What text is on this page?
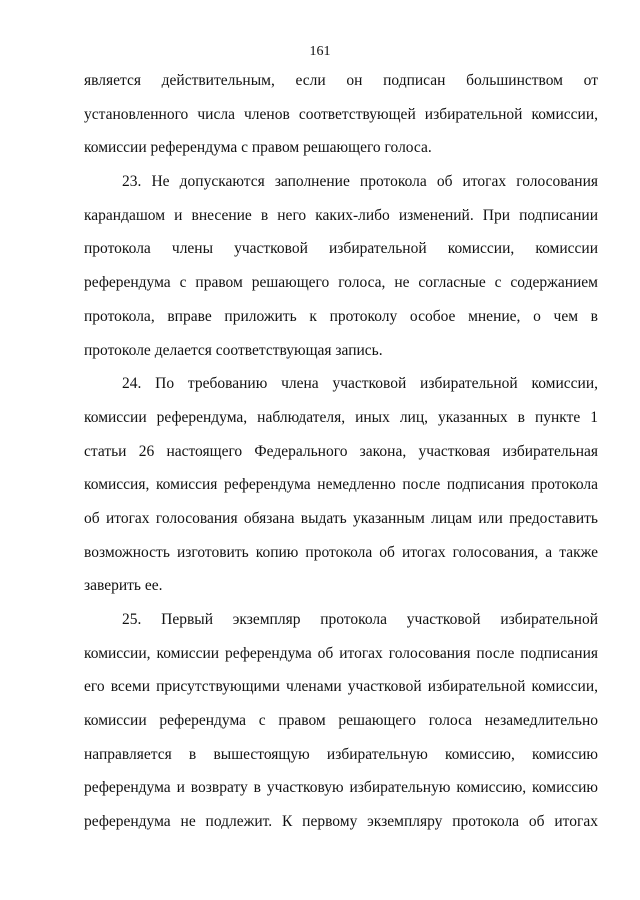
161
является действительным, если он подписан большинством от
установленного числа членов соответствующей избирательной комиссии,
комиссии референдума с правом решающего голоса.
23. Не допускаются заполнение протокола об итогах голосования
карандашом и внесение в него каких-либо изменений. При подписании
протокола члены участковой избирательной комиссии, комиссии
референдума с правом решающего голоса, не согласные с содержанием
протокола, вправе приложить к протоколу особое мнение, о чем в
протоколе делается соответствующая запись.
24. По требованию члена участковой избирательной комиссии,
комиссии референдума, наблюдателя, иных лиц, указанных в пункте 1
статьи 26 настоящего Федерального закона, участковая избирательная
комиссия, комиссия референдума немедленно после подписания протокола
об итогах голосования обязана выдать указанным лицам или предоставить
возможность изготовить копию протокола об итогах голосования, а также
заверить ее.
25. Первый экземпляр протокола участковой избирательной
комиссии, комиссии референдума об итогах голосования после подписания
его всеми присутствующими членами участковой избирательной комиссии,
комиссии референдума с правом решающего голоса незамедлительно
направляется в вышестоящую избирательную комиссию, комиссию
референдума и возврату в участковую избирательную комиссию, комиссию
референдума не подлежит. К первому экземпляру протокола об итогах
